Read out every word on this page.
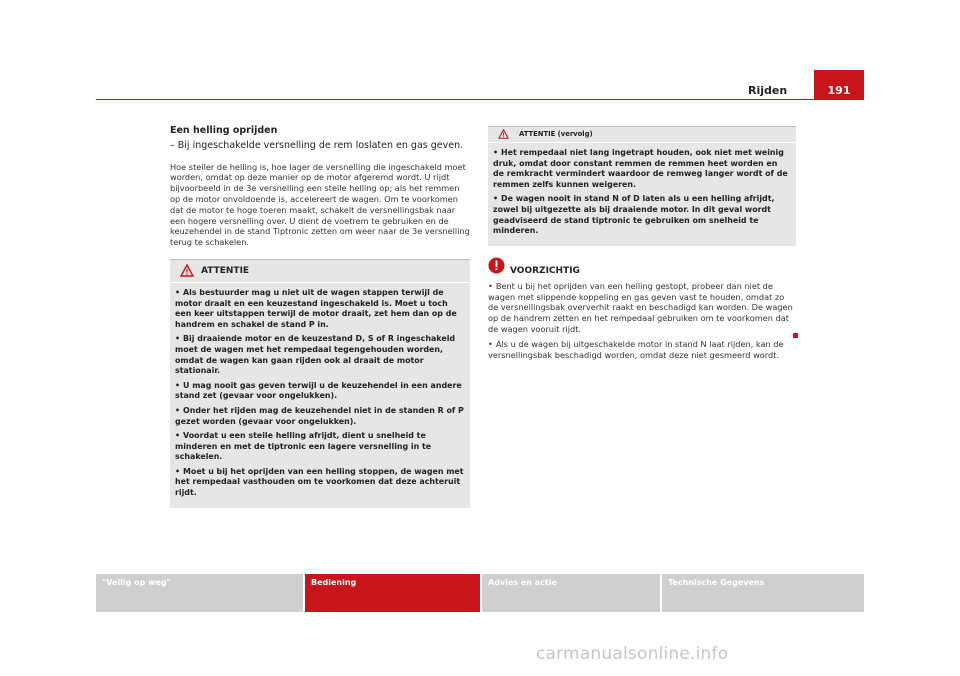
Rijden	191
Een helling oprijden
– Bij ingeschakelde versnelling de rem loslaten en gas geven.

Hoe steiler de helling is, hoe lager de versnelling die ingeschakeld moet worden, omdat op deze manier op de motor afgeremd wordt. U rijdt bijvoorbeeld in de 3e versnelling een steile helling op; als het remmen op de motor onvoldoende is, accelereert de wagen. Om te voorkomen dat de motor te hoge toeren maakt, schakelt de versnellingsbak naar een hogere versnelling over. U dient de voetrem te gebruiken en de keuzehendel in de stand Tiptronic zetten om weer naar de 3e versnelling terug te schakelen.

ATTENTIE
• Als bestuurder mag u niet uit de wagen stappen terwijl de motor draait en een keuzestand ingeschakeld is. Moet u toch een keer uitstappen terwijl de motor draait, zet hem dan op de handrem en schakel de stand P in.
• Bij draaiende motor en de keuzestand D, S of R ingeschakeld moet de wagen met het rempedaal tegengehouden worden, omdat de wagen kan gaan rijden ook al draait de motor stationair.
• U mag nooit gas geven terwijl u de keuzehendel in een andere stand zet (gevaar voor ongelukken).
• Onder het rijden mag de keuzehendel niet in de standen R of P gezet worden (gevaar voor ongelukken).
• Voordat u een steile helling afrijdt, dient u snelheid te minderen en met de tiptronic een lagere versnelling in te schakelen.
• Moet u bij het oprijden van een helling stoppen, de wagen met het rempedaal vasthouden om te voorkomen dat deze achteruit rijdt.
ATTENTIE (vervolg)
• Het rempedaal niet lang ingetrapt houden, ook niet met weinig druk, omdat door constant remmen de remmen heet worden en de remkracht vermindert waardoor de remweg langer wordt of de remmen zelfs kunnen weigeren.
• De wagen nooit in stand N of D laten als u een helling afrijdt, zowel bij uitgezette als bij draaiende motor. In dit geval wordt geadviseerd de stand tiptronic te gebruiken om snelheid te minderen.
VOORZICHTIG
• Bent u bij het oprijden van een helling gestopt, probeer dan niet de wagen met slippende koppeling en gas geven vast te houden, omdat zo de versnellingsbak oververhit raakt en beschadigd kan worden. De wagen op de handrem zetten en het rempedaal gebruiken om te voorkomen dat de wagen vooruit rijdt.
• Als u de wagen bij uitgeschakelde motor in stand N laat rijden, kan de versnellingsbak beschadigd worden, omdat deze niet gesmeerd wordt.
"Veilig op weg"	Bediening	Advies en actie	Technische Gegevens
carmanualsonline.info
